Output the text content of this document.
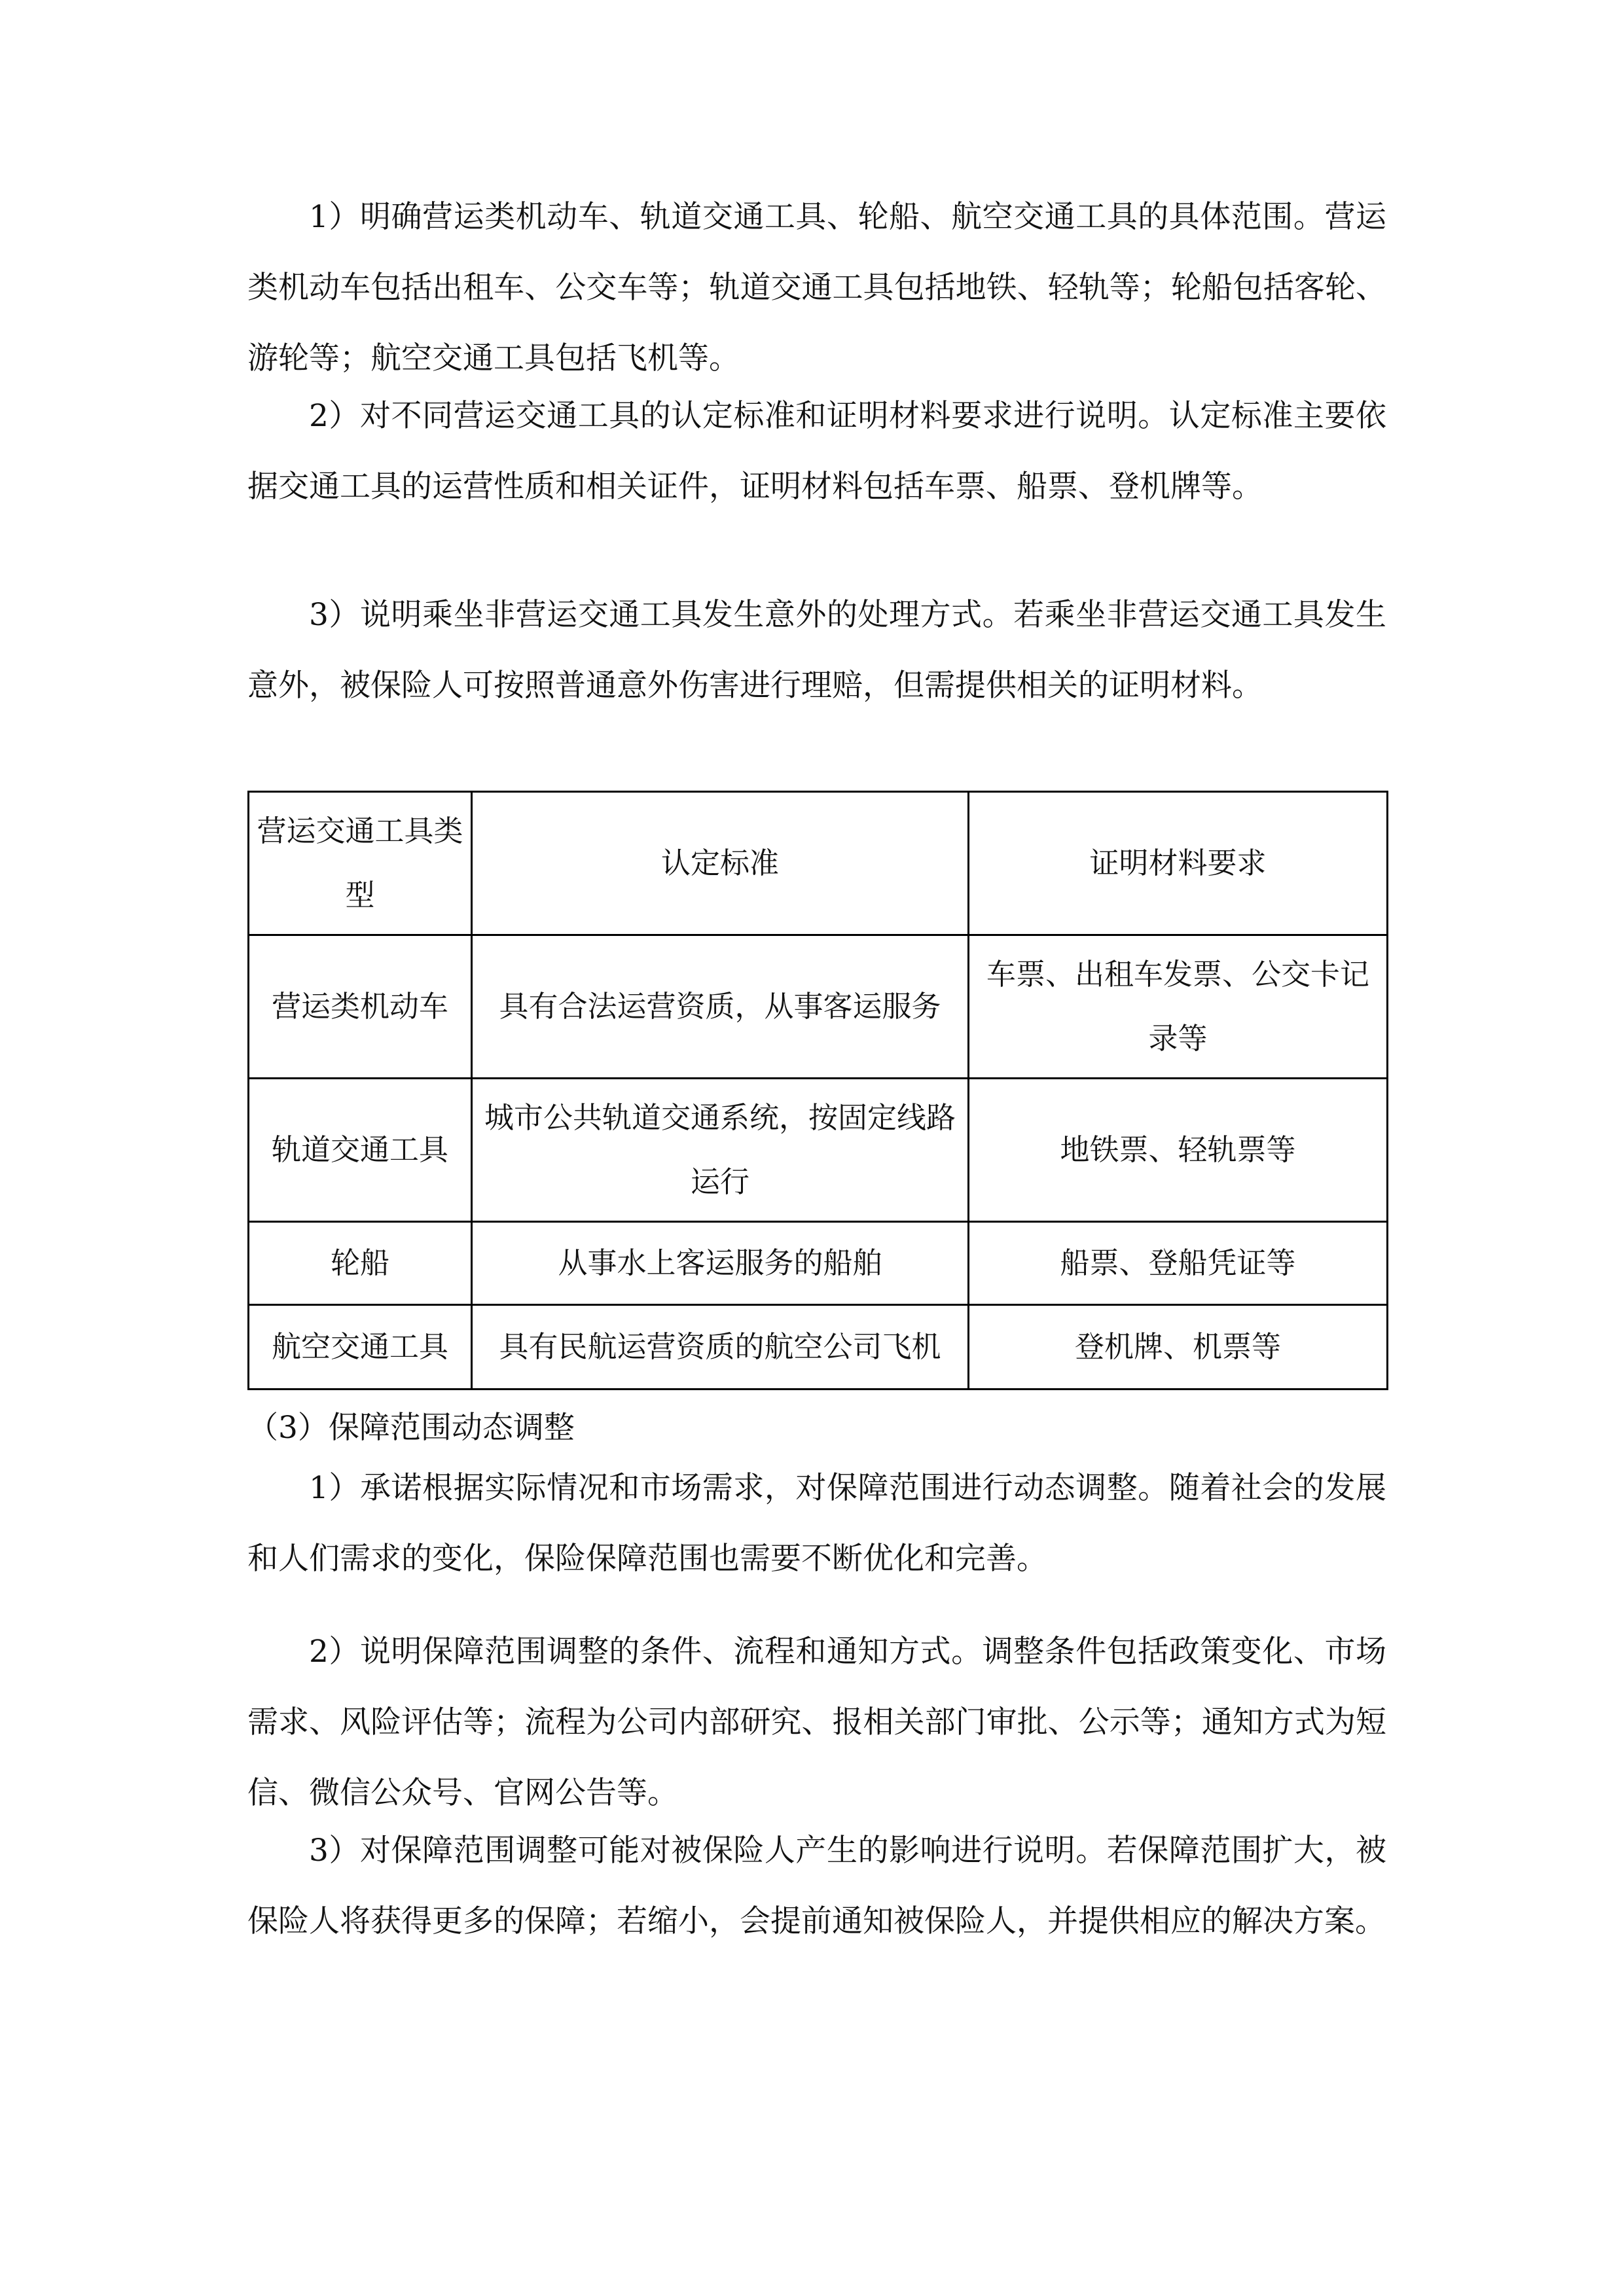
1）明确营运类机动车、轨道交通工具、轮船、航空交通工具的具体范围。营运类机动车包括出租车、公交车等；轨道交通工具包括地铁、轻轨等；轮船包括客轮、游轮等；航空交通工具包括飞机等。

2）对不同营运交通工具的认定标准和证明材料要求进行说明。认定标准主要依据交通工具的运营性质和相关证件，证明材料包括车票、船票、登机牌等。

3）说明乘坐非营运交通工具发生意外的处理方式。若乘坐非营运交通工具发生意外，被保险人可按照普通意外伤害进行理赔，但需提供相关的证明材料。

营运交通工具类型	认定标准	证明材料要求
营运类机动车	具有合法运营资质，从事客运服务	车票、出租车发票、公交卡记录等
轨道交通工具	城市公共轨道交通系统，按固定线路运行	地铁票、轻轨票等
轮船	从事水上客运服务的船舶	船票、登船凭证等
航空交通工具	具有民航运营资质的航空公司飞机	登机牌、机票等

（3）保障范围动态调整

1）承诺根据实际情况和市场需求，对保障范围进行动态调整。随着社会的发展和人们需求的变化，保险保障范围也需要不断优化和完善。

2）说明保障范围调整的条件、流程和通知方式。调整条件包括政策变化、市场需求、风险评估等；流程为公司内部研究、报相关部门审批、公示等；通知方式为短信、微信公众号、官网公告等。

3）对保障范围调整可能对被保险人产生的影响进行说明。若保障范围扩大，被保险人将获得更多的保障；若缩小，会提前通知被保险人，并提供相应的解决方案。
